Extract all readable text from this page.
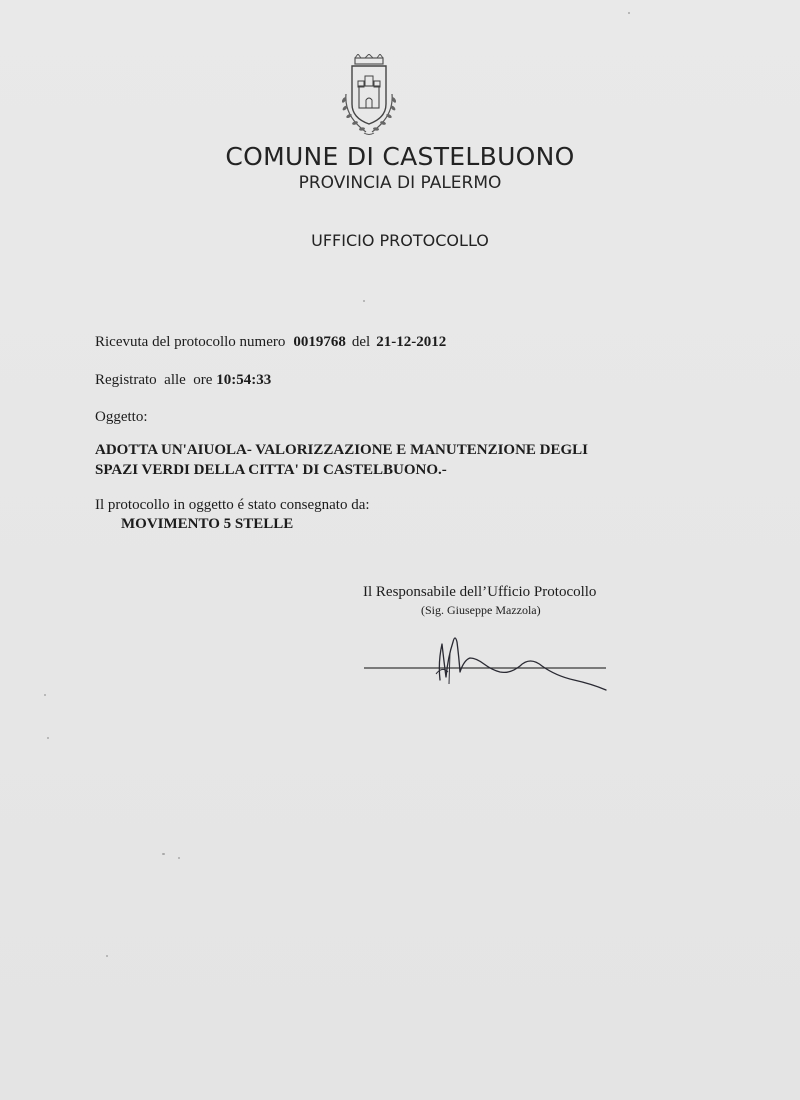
COMUNE DI CASTELBUONO
PROVINCIA DI PALERMO
UFFICIO PROTOCOLLO
Ricevuta del protocollo numero 0019768 del 21-12-2012
Registrato  alle  ore 10:54:33
Oggetto:
ADOTTA UN'AIUOLA- VALORIZZAZIONE E MANUTENZIONE DEGLI
SPAZI VERDI DELLA CITTA' DI CASTELBUONO.-
Il protocollo in oggetto é stato consegnato da:
MOVIMENTO 5 STELLE
Il Responsabile dell’Ufficio Protocollo
(Sig. Giuseppe Mazzola)
